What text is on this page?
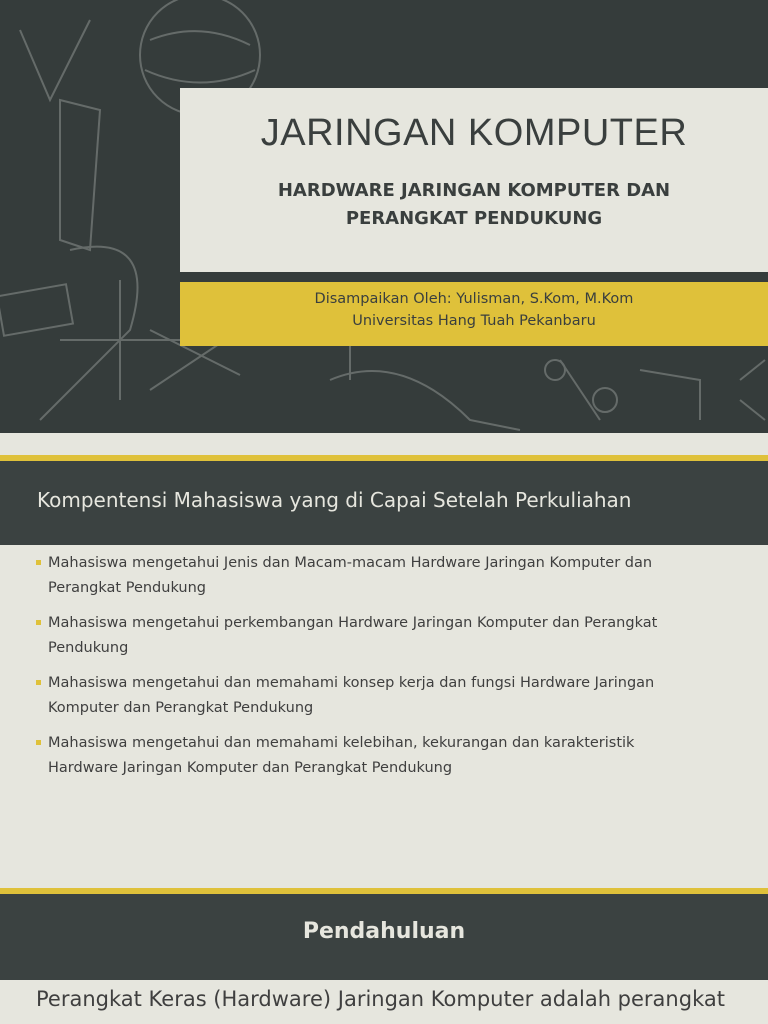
JARINGAN KOMPUTER
HARDWARE JARINGAN KOMPUTER DAN
PERANGKAT PENDUKUNG
Disampaikan Oleh: Yulisman, S.Kom, M.Kom
Universitas Hang Tuah Pekanbaru
Kompentensi Mahasiswa yang di Capai Setelah Perkuliahan
Mahasiswa mengetahui Jenis dan Macam-macam Hardware Jaringan Komputer dan
Perangkat Pendukung
Mahasiswa mengetahui perkembangan Hardware Jaringan Komputer dan Perangkat
Pendukung
Mahasiswa mengetahui dan memahami konsep kerja dan fungsi Hardware Jaringan
Komputer dan Perangkat Pendukung
Mahasiswa mengetahui dan memahami kelebihan, kekurangan dan karakteristik
Hardware Jaringan Komputer dan Perangkat Pendukung
Pendahuluan
Perangkat Keras (Hardware) Jaringan Komputer adalah perangkat
